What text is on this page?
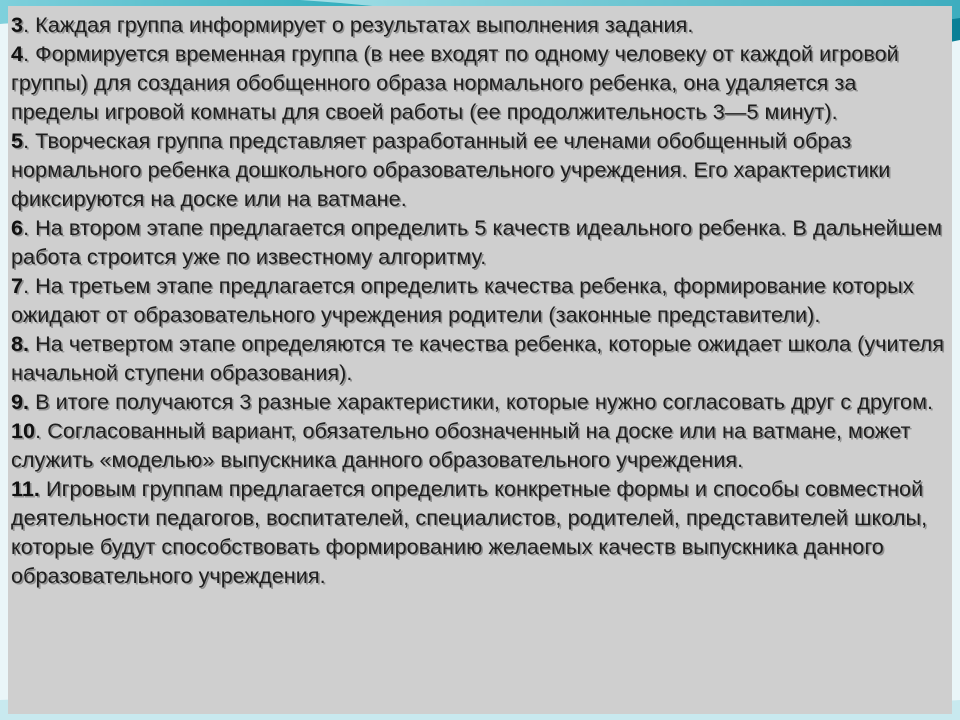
3. Каждая группа информирует о результатах выполнения задания.

4. Формируется временная группа (в нее входят по одному человеку от каждой игровой группы) для создания обобщенного образа нормального ребенка, она удаляется за пределы игровой комнаты для своей работы (ее продолжительность 3—5 минут).

5. Творческая группа представляет разработанный ее членами обобщенный образ нормального ребенка дошкольного образовательного учреждения. Его характеристики фиксируются на доске или на ватмане.

6. На втором этапе предлагается определить 5 качеств идеального ребенка. В дальнейшем работа строится уже по известному алгоритму.

7. На третьем этапе предлагается определить качества ребенка, формирование которых ожидают от образовательного учреждения родители (законные представители).

8. На четвертом этапе определяются те качества ребенка, которые ожидает школа (учителя начальной ступени образования).

9. В итоге получаются 3 разные характеристики, которые нужно согласовать друг с другом.

10. Согласованный вариант, обязательно обозначенный на доске или на ватмане, может служить «моделью» выпускника данного образовательного учреждения.

11. Игровым группам предлагается определить конкретные формы и способы совместной деятельности педагогов, воспитателей, специалистов, родителей, представителей школы, которые будут способствовать формированию желаемых качеств выпускника данного образовательного учреждения.
